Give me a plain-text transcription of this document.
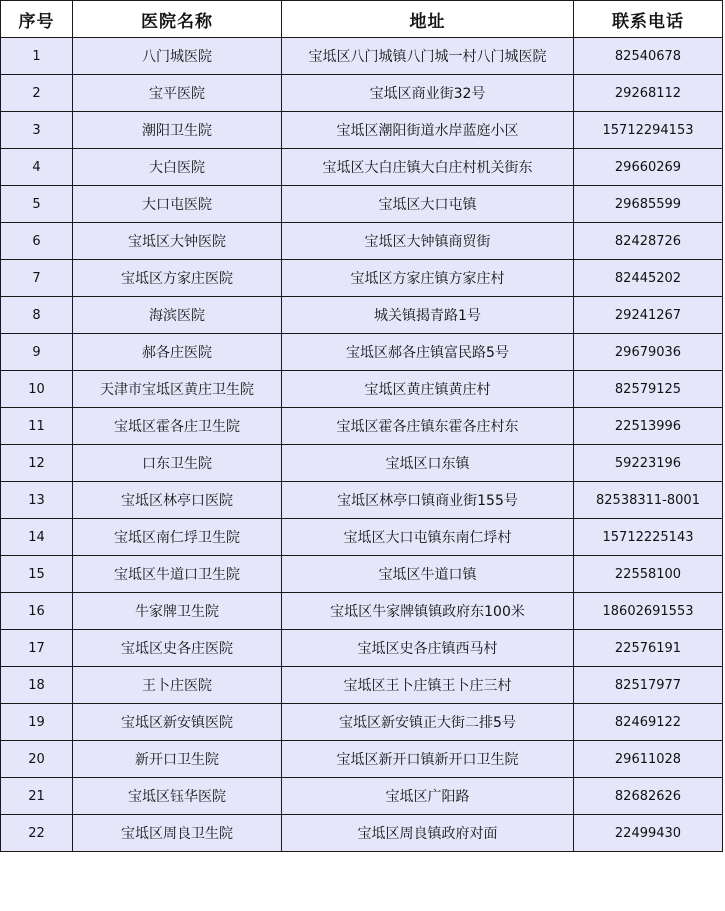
序号	医院名称	地址	联系电话
1	八门城医院	宝坻区八门城镇八门城一村八门城医院	82540678
2	宝平医院	宝坻区商业街32号	29268112
3	潮阳卫生院	宝坻区潮阳街道水岸蓝庭小区	15712294153
4	大白医院	宝坻区大白庄镇大白庄村机关街东	29660269
5	大口屯医院	宝坻区大口屯镇	29685599
6	宝坻区大钟医院	宝坻区大钟镇商贸街	82428726
7	宝坻区方家庄医院	宝坻区方家庄镇方家庄村	82445202
8	海滨医院	城关镇揭青路1号	29241267
9	郝各庄医院	宝坻区郝各庄镇富民路5号	29679036
10	天津市宝坻区黄庄卫生院	宝坻区黄庄镇黄庄村	82579125
11	宝坻区霍各庄卫生院	宝坻区霍各庄镇东霍各庄村东	22513996
12	口东卫生院	宝坻区口东镇	59223196
13	宝坻区林亭口医院	宝坻区林亭口镇商业街155号	82538311-8001
14	宝坻区南仁垺卫生院	宝坻区大口屯镇东南仁垺村	15712225143
15	宝坻区牛道口卫生院	宝坻区牛道口镇	22558100
16	牛家牌卫生院	宝坻区牛家牌镇镇政府东100米	18602691553
17	宝坻区史各庄医院	宝坻区史各庄镇西马村	22576191
18	王卜庄医院	宝坻区王卜庄镇王卜庄三村	82517977
19	宝坻区新安镇医院	宝坻区新安镇正大街二排5号	82469122
20	新开口卫生院	宝坻区新开口镇新开口卫生院	29611028
21	宝坻区钰华医院	宝坻区广阳路	82682626
22	宝坻区周良卫生院	宝坻区周良镇政府对面	22499430
